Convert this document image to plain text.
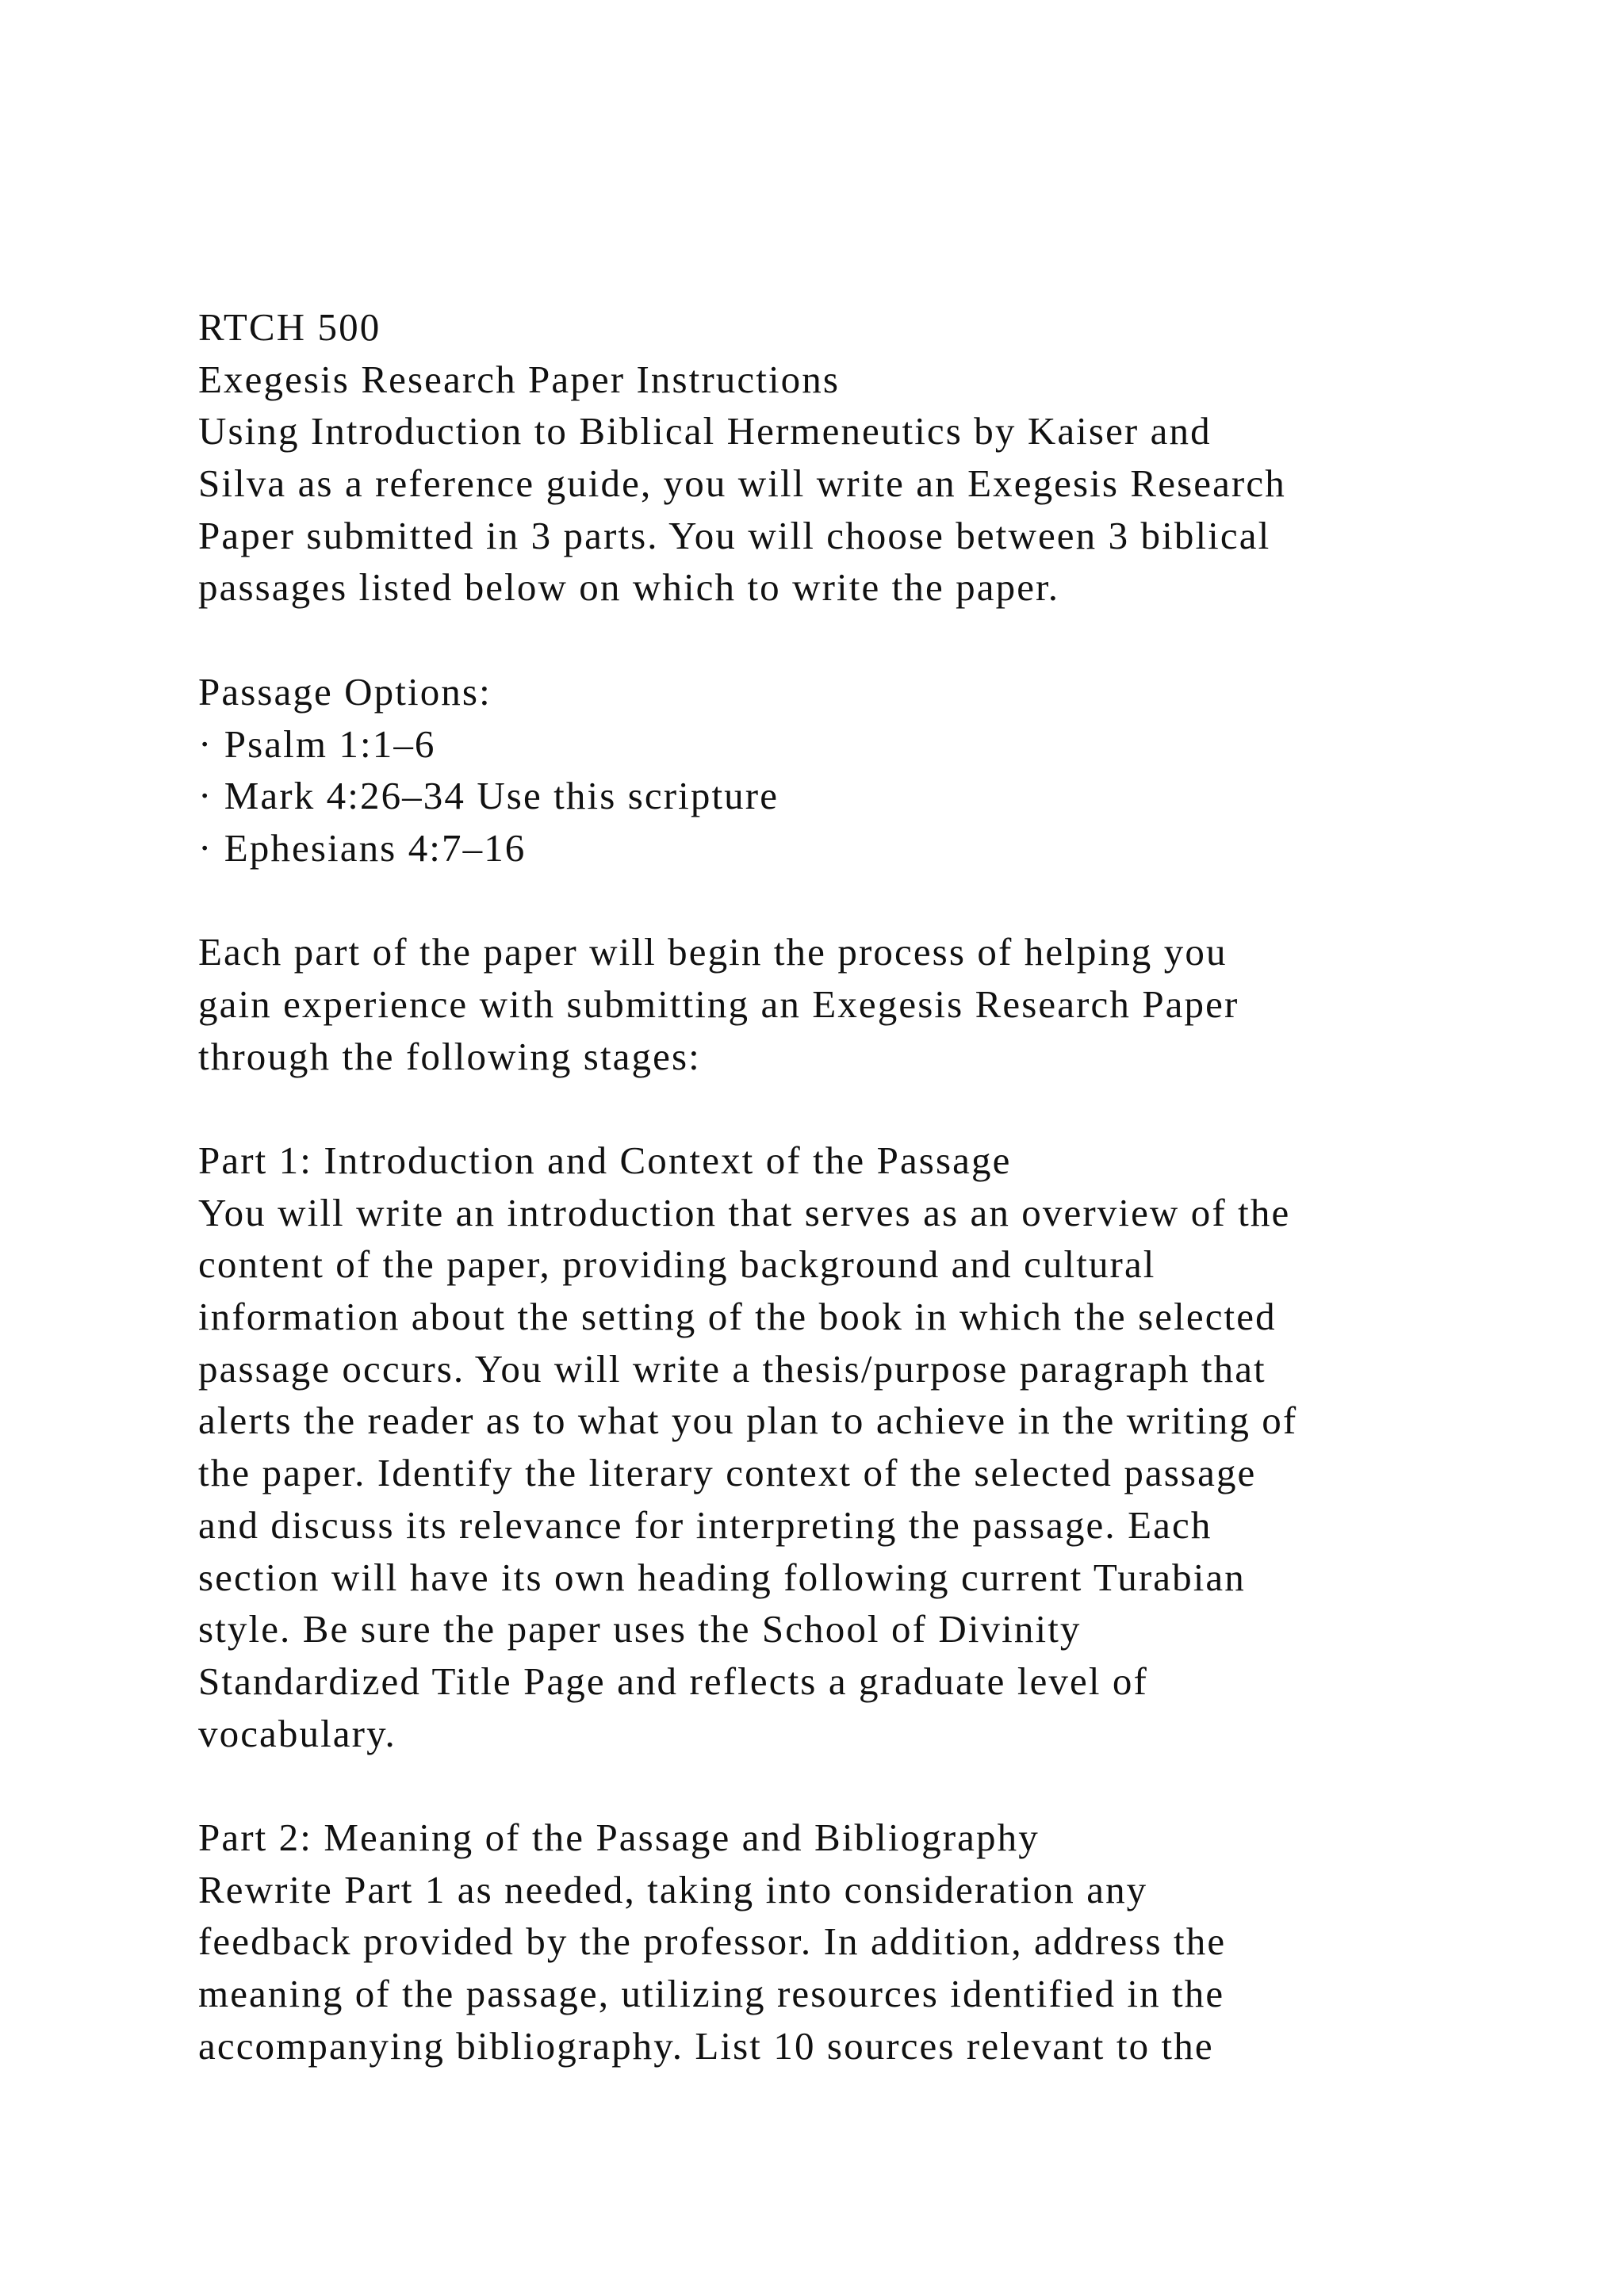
RTCH 500
Exegesis Research Paper Instructions
Using Introduction to Biblical Hermeneutics by Kaiser and
Silva as a reference guide, you will write an Exegesis Research
Paper submitted in 3 parts. You will choose between 3 biblical
passages listed below on which to write the paper.
Passage Options:
· Psalm 1:1–6
· Mark 4:26–34 Use this scripture
· Ephesians 4:7–16
Each part of the paper will begin the process of helping you
gain experience with submitting an Exegesis Research Paper
through the following stages:
Part 1: Introduction and Context of the Passage
You will write an introduction that serves as an overview of the
content of the paper, providing background and cultural
information about the setting of the book in which the selected
passage occurs. You will write a thesis/purpose paragraph that
alerts the reader as to what you plan to achieve in the writing of
the paper. Identify the literary context of the selected passage
and discuss its relevance for interpreting the passage. Each
section will have its own heading following current Turabian
style. Be sure the paper uses the School of Divinity
Standardized Title Page and reflects a graduate level of
vocabulary.
Part 2: Meaning of the Passage and Bibliography
Rewrite Part 1 as needed, taking into consideration any
feedback provided by the professor. In addition, address the
meaning of the passage, utilizing resources identified in the
accompanying bibliography. List 10 sources relevant to the
